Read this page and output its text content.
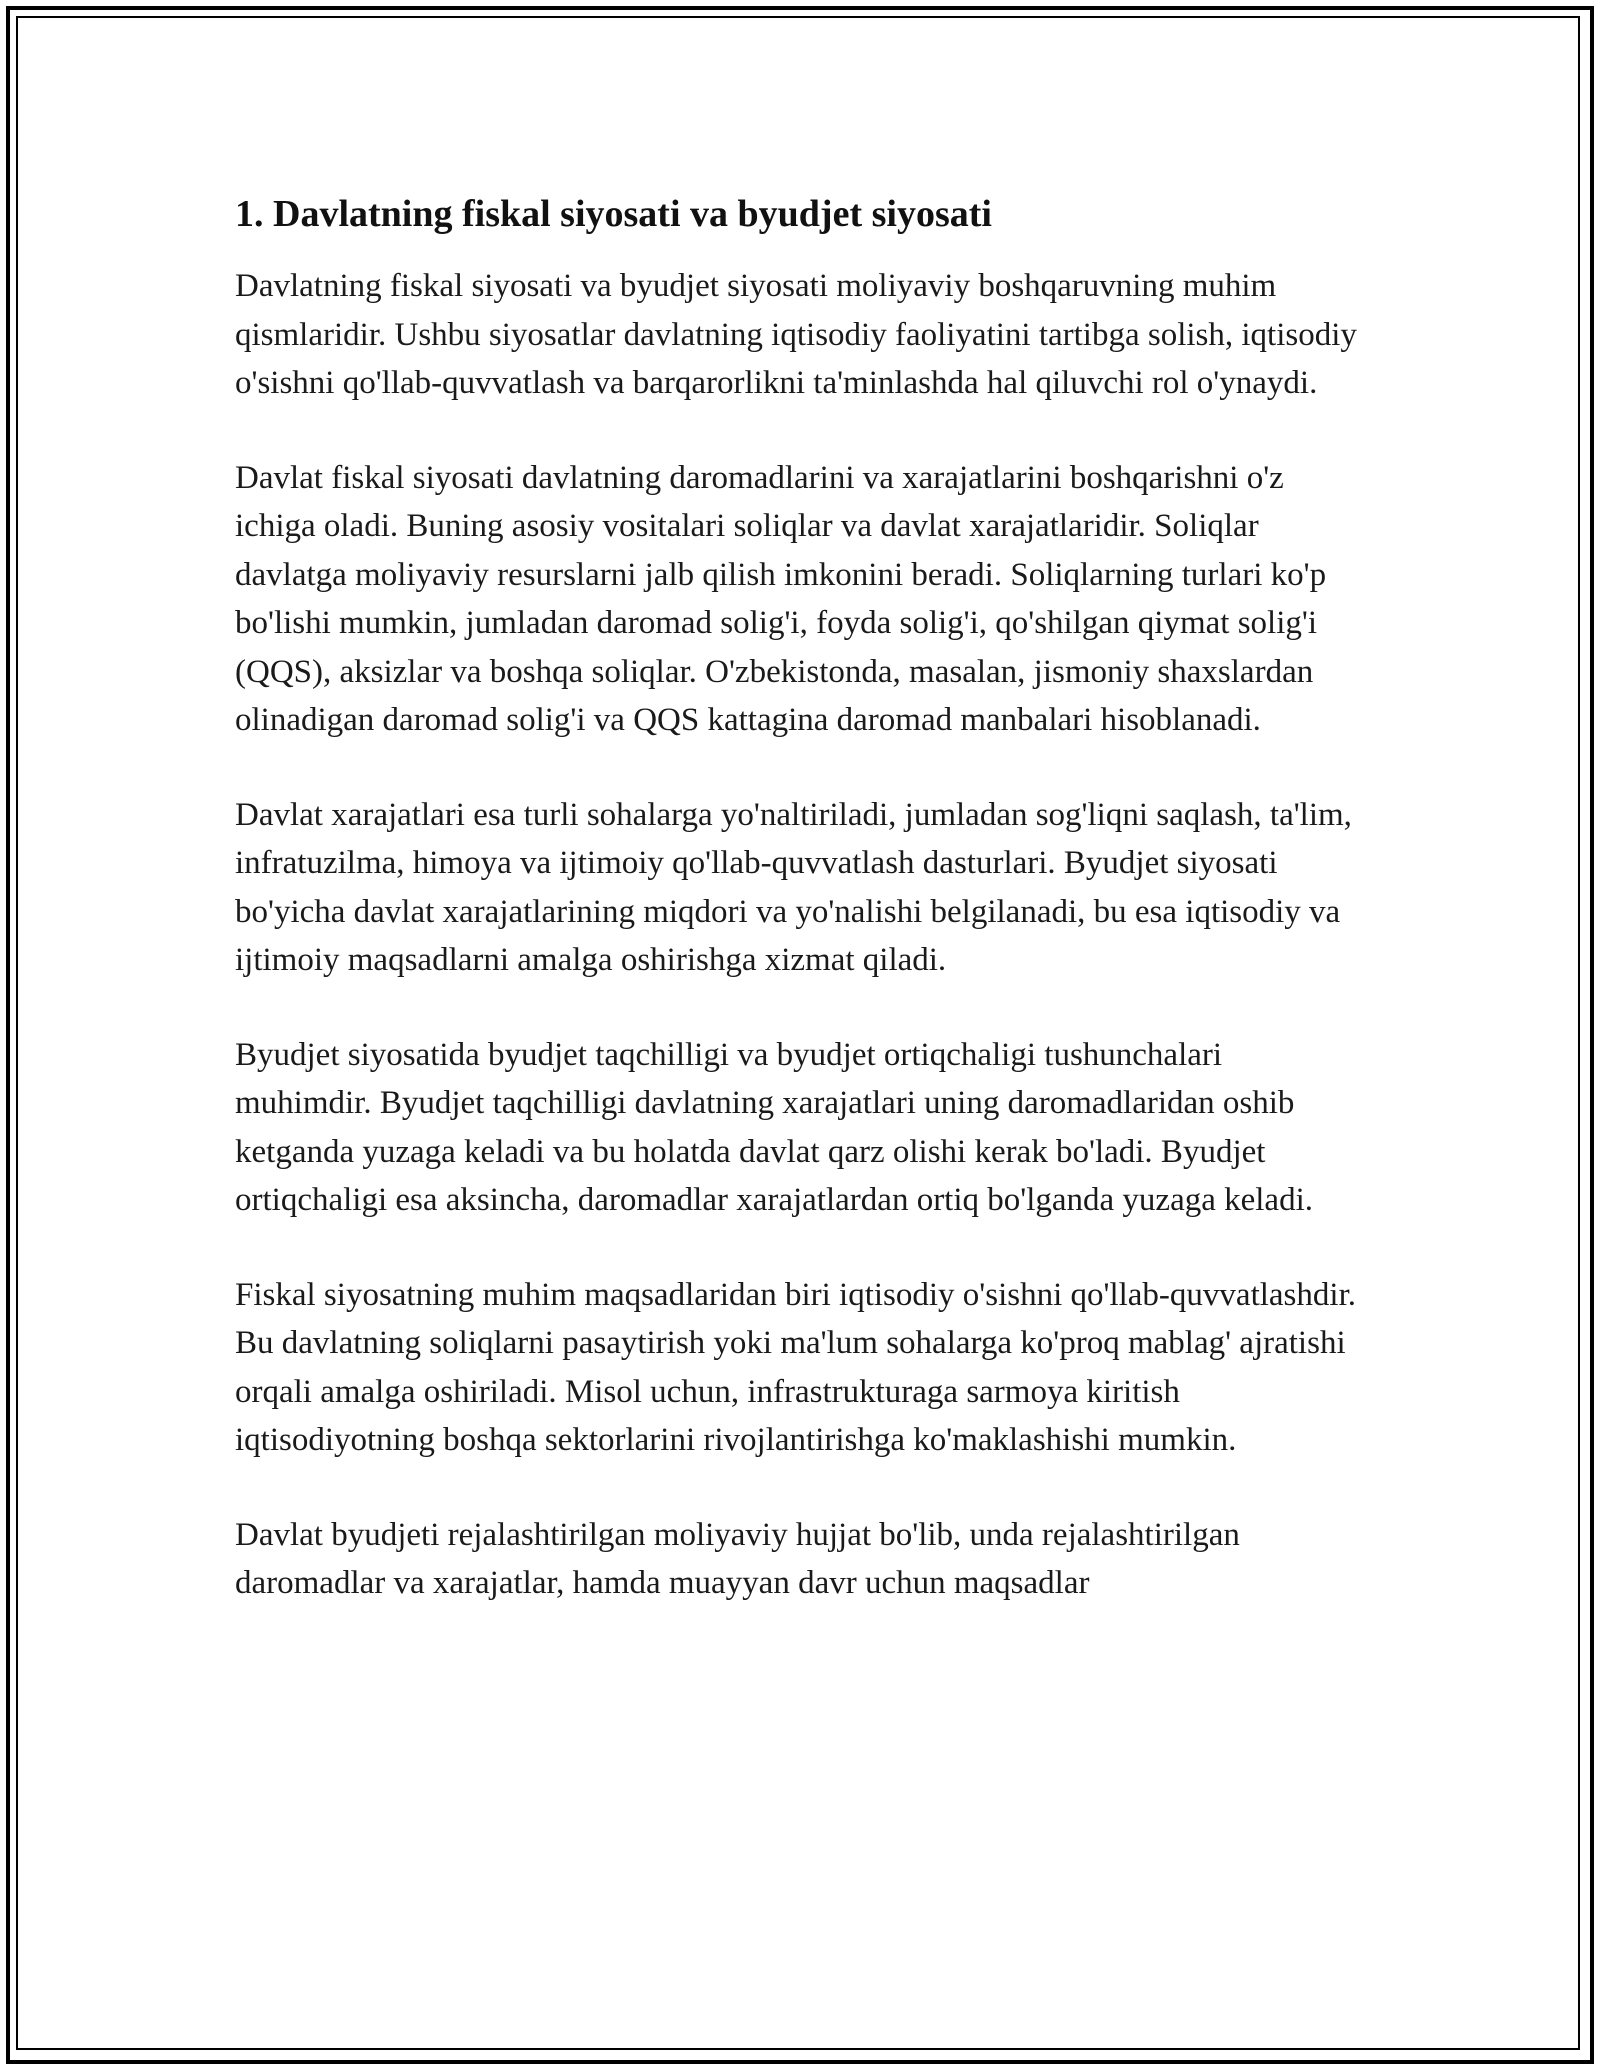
1. Davlatning fiskal siyosati va byudjet siyosati

Davlatning fiskal siyosati va byudjet siyosati moliyaviy boshqaruvning muhim qismlaridir. Ushbu siyosatlar davlatning iqtisodiy faoliyatini tartibga solish, iqtisodiy o'sishni qo'llab-quvvatlash va barqarorlikni ta'minlashda hal qiluvchi rol o'ynaydi.

Davlat fiskal siyosati davlatning daromadlarini va xarajatlarini boshqarishni o'z ichiga oladi. Buning asosiy vositalari soliqlar va davlat xarajatlaridir. Soliqlar davlatga moliyaviy resurslarni jalb qilish imkonini beradi. Soliqlarning turlari ko'p bo'lishi mumkin, jumladan daromad solig'i, foyda solig'i, qo'shilgan qiymat solig'i (QQS), aksizlar va boshqa soliqlar. O'zbekistonda, masalan, jismoniy shaxslardan olinadigan daromad solig'i va QQS kattagina daromad manbalari hisoblanadi.

Davlat xarajatlari esa turli sohalarga yo'naltiriladi, jumladan sog'liqni saqlash, ta'lim, infratuzilma, himoya va ijtimoiy qo'llab-quvvatlash dasturlari. Byudjet siyosati bo'yicha davlat xarajatlarining miqdori va yo'nalishi belgilanadi, bu esa iqtisodiy va ijtimoiy maqsadlarni amalga oshirishga xizmat qiladi.

Byudjet siyosatida byudjet taqchilligi va byudjet ortiqchaligi tushunchalari muhimdir. Byudjet taqchilligi davlatning xarajatlari uning daromadlaridan oshib ketganda yuzaga keladi va bu holatda davlat qarz olishi kerak bo'ladi. Byudjet ortiqchaligi esa aksincha, daromadlar xarajatlardan ortiq bo'lganda yuzaga keladi.

Fiskal siyosatning muhim maqsadlaridan biri iqtisodiy o'sishni qo'llab-quvvatlashdir. Bu davlatning soliqlarni pasaytirish yoki ma'lum sohalarga ko'proq mablag' ajratishi orqali amalga oshiriladi. Misol uchun, infrastrukturaga sarmoya kiritish iqtisodiyotning boshqa sektorlarini rivojlantirishga ko'maklashishi mumkin.

Davlat byudjeti rejalashtirilgan moliyaviy hujjat bo'lib, unda rejalashtirilgan daromadlar va xarajatlar, hamda muayyan davr uchun maqsadlar
